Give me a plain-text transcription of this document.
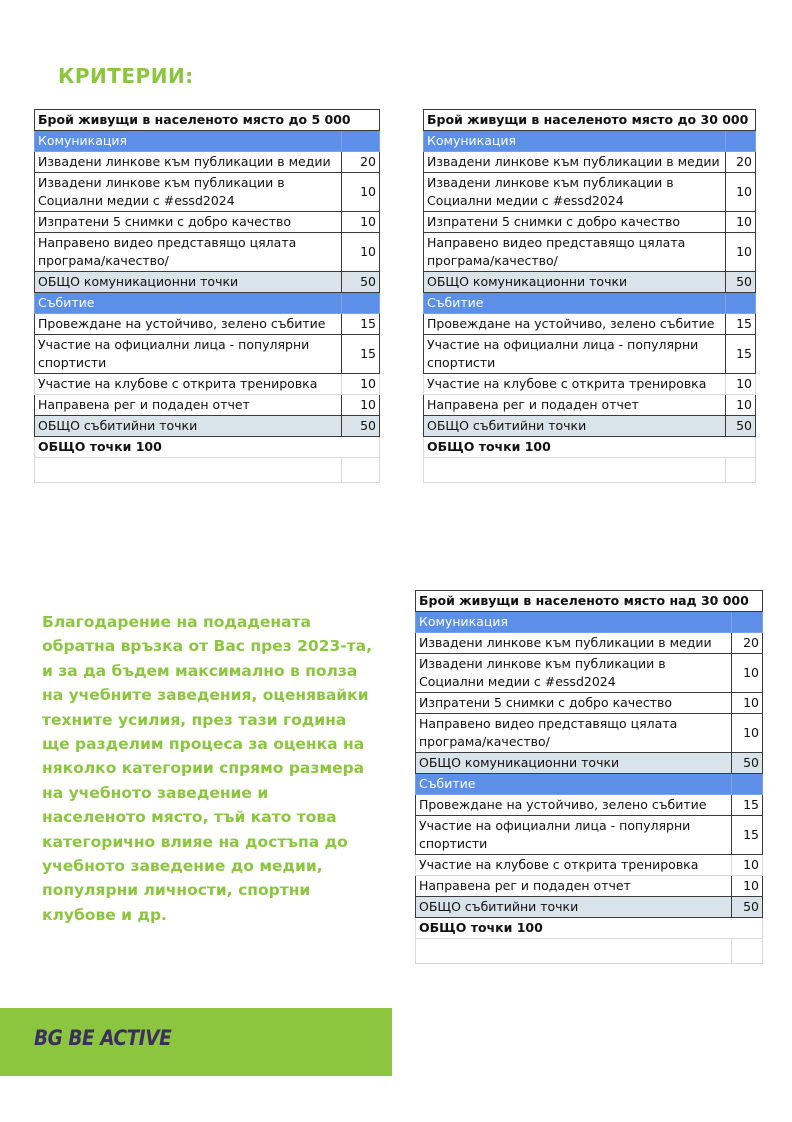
КРИТЕРИИ:
Брой живущи в населеното място до 5 000	
Комуникация	
Извадени линкове към публикации в медии	20
Извадени линкове към публикации в Социални медии с #essd2024	10
Изпратени 5 снимки с добро качество	10
Направено видео представящо цялата програма/качество/	10
ОБЩО комуникационни точки	50
Събитие	
Провеждане на устойчиво, зелено събитие	15
Участие на официални лица - популярни спортисти	15
Участие на клубове с открита тренировка	10
Направена рег и подаден отчет	10
ОБЩО събитийни точки	50
ОБЩО точки 100	

Брой живущи в населеното място до 30 000	
Комуникация	
Извадени линкове към публикации в медии	20
Извадени линкове към публикации в Социални медии с #essd2024	10
Изпратени 5 снимки с добро качество	10
Направено видео представящо цялата програма/качество/	10
ОБЩО комуникационни точки	50
Събитие	
Провеждане на устойчиво, зелено събитие	15
Участие на официални лица - популярни спортисти	15
Участие на клубове с открита тренировка	10
Направена рег и подаден отчет	10
ОБЩО събитийни точки	50
ОБЩО точки 100	

Благодарение на подадената обратна връзка от Вас през 2023-та, и за да бъдем максимално в полза на учебните заведения, оценявайки техните усилия, през тази година ще разделим процеса за оценка на няколко категории спрямо размера на учебното заведение и населеното място, тъй като това категорично влияе на достъпа до учебното заведение до медии, популярни личности, спортни клубове и др.
Брой живущи в населеното място над 30 000	
Комуникация	
Извадени линкове към публикации в медии	20
Извадени линкове към публикации в Социални медии с #essd2024	10
Изпратени 5 снимки с добро качество	10
Направено видео представящо цялата програма/качество/	10
ОБЩО комуникационни точки	50
Събитие	
Провеждане на устойчиво, зелено събитие	15
Участие на официални лица - популярни спортисти	15
Участие на клубове с открита тренировка	10
Направена рег и подаден отчет	10
ОБЩО събитийни точки	50
ОБЩО точки 100	

BG BE ACTIVE
